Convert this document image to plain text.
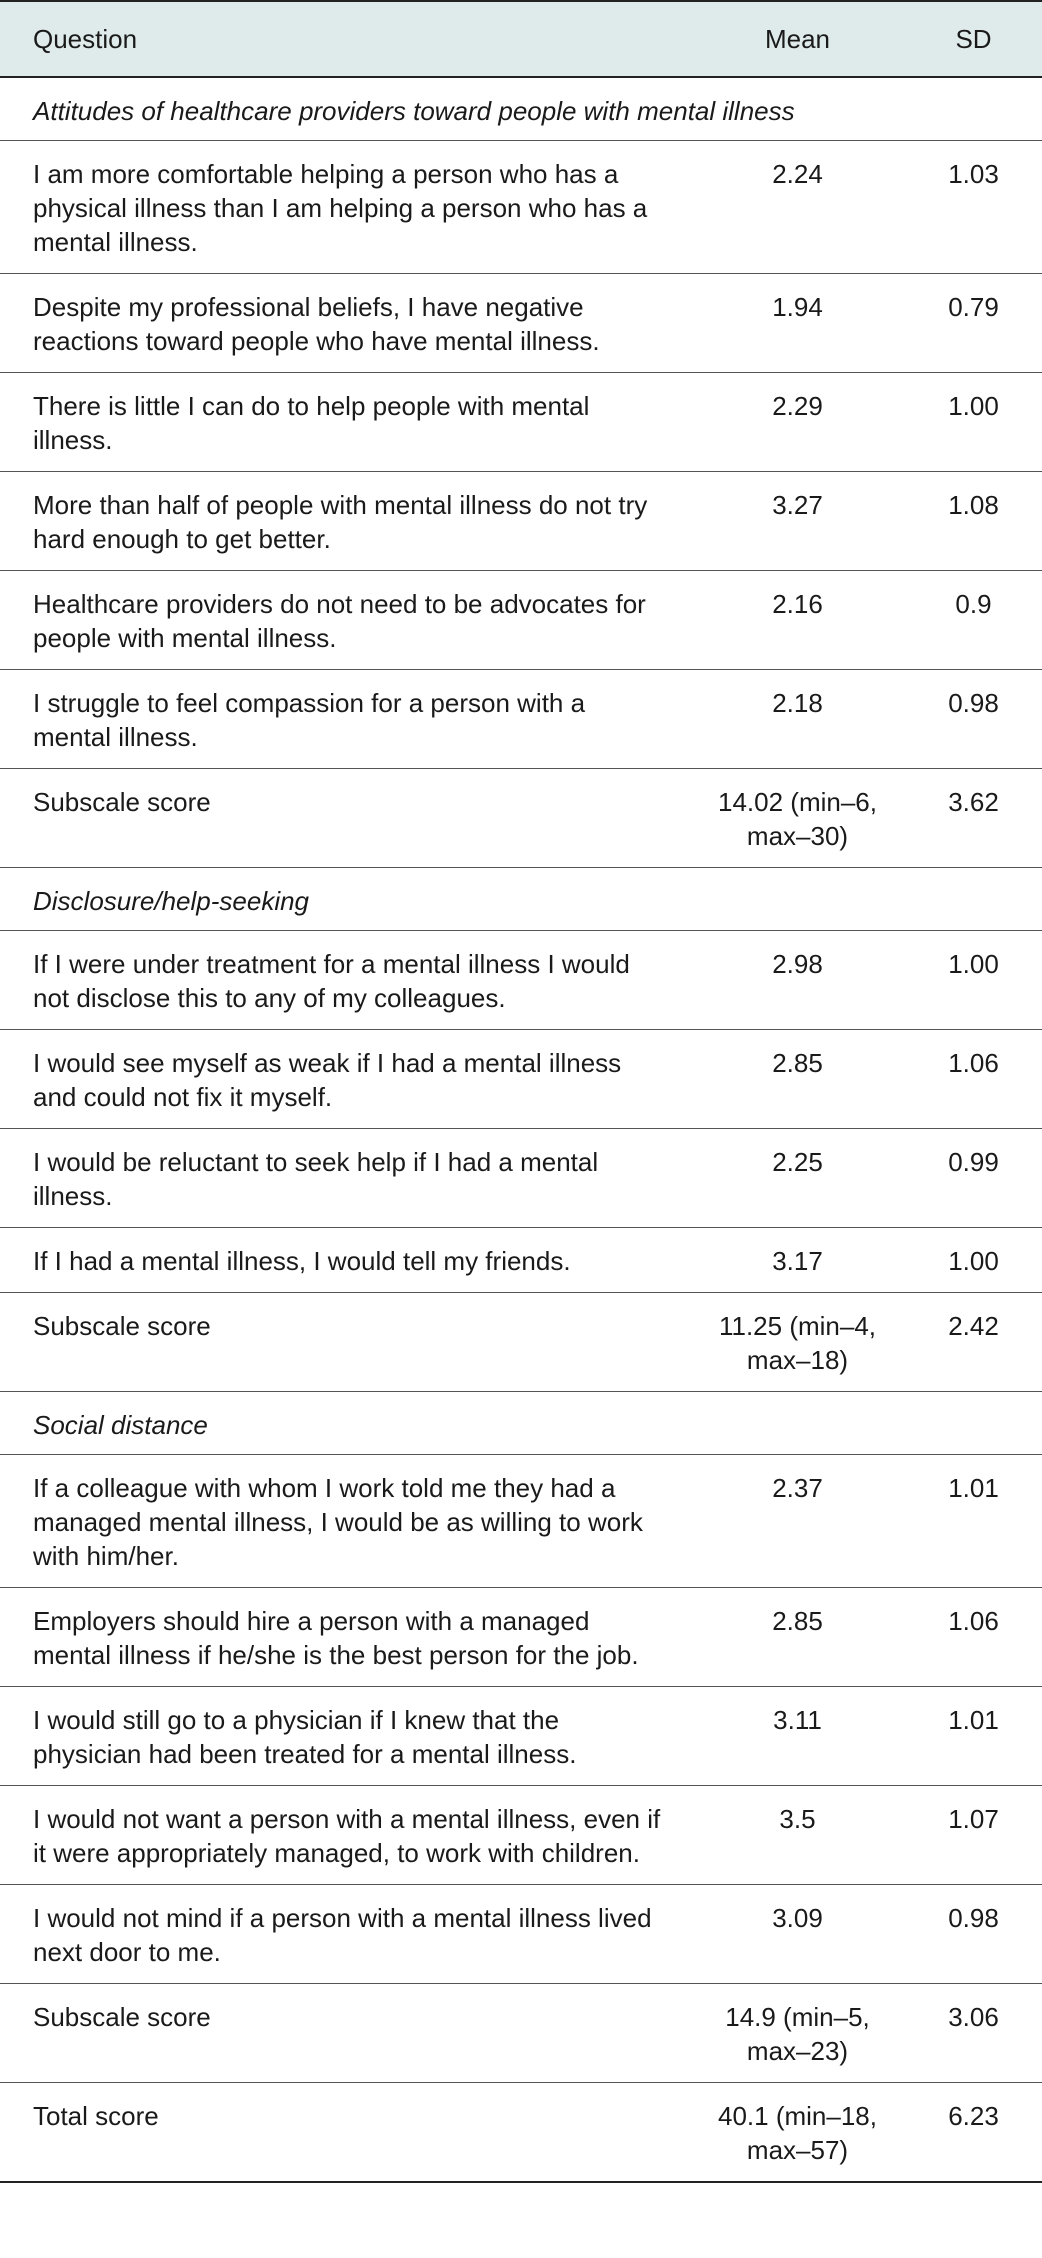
Question	Mean	SD
Attitudes of healthcare providers toward people with mental illness		
I am more comfortable helping a person who has a physical illness than I am helping a person who has a mental illness.	2.24	1.03
Despite my professional beliefs, I have negative reactions toward people who have mental illness.	1.94	0.79
There is little I can do to help people with mental illness.	2.29	1.00
More than half of people with mental illness do not try hard enough to get better.	3.27	1.08
Healthcare providers do not need to be advocates for people with mental illness.	2.16	0.9
I struggle to feel compassion for a person with a mental illness.	2.18	0.98
Subscale score	14.02 (min–6, max–30)	3.62
Disclosure/help-seeking		
If I were under treatment for a mental illness I would not disclose this to any of my colleagues.	2.98	1.00
I would see myself as weak if I had a mental illness and could not fix it myself.	2.85	1.06
I would be reluctant to seek help if I had a mental illness.	2.25	0.99
If I had a mental illness, I would tell my friends.	3.17	1.00
Subscale score	11.25 (min–4, max–18)	2.42
Social distance		
If a colleague with whom I work told me they had a managed mental illness, I would be as willing to work with him/her.	2.37	1.01
Employers should hire a person with a managed mental illness if he/she is the best person for the job.	2.85	1.06
I would still go to a physician if I knew that the physician had been treated for a mental illness.	3.11	1.01
I would not want a person with a mental illness, even if it were appropriately managed, to work with children.	3.5	1.07
I would not mind if a person with a mental illness lived next door to me.	3.09	0.98
Subscale score	14.9 (min–5, max–23)	3.06
Total score	40.1 (min–18, max–57)	6.23
